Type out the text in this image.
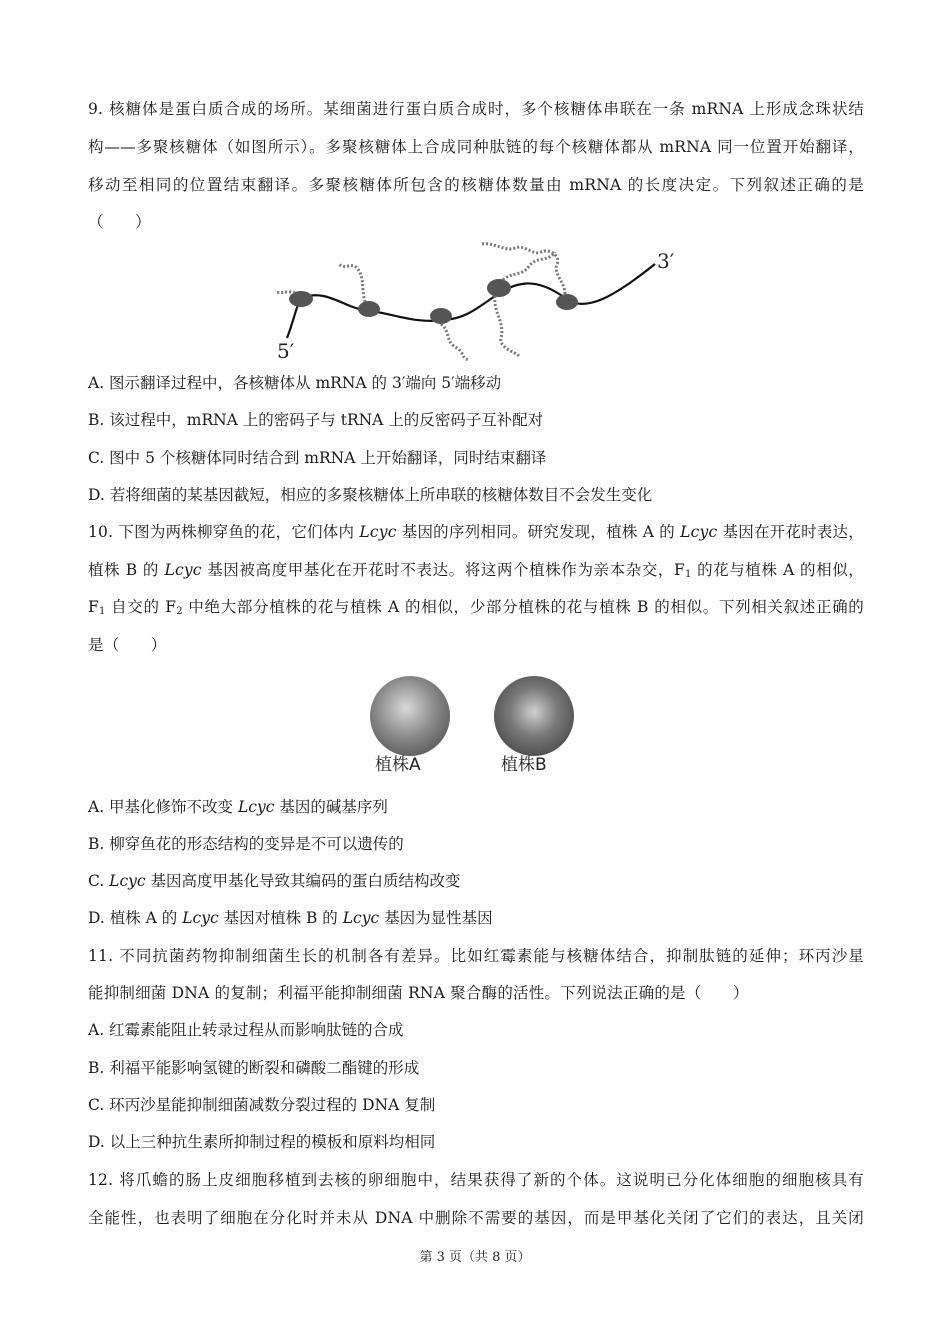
9. 核糖体是蛋白质合成的场所。某细菌进行蛋白质合成时，多个核糖体串联在一条 mRNA 上形成念珠状结
构——多聚核糖体（如图所示）。多聚核糖体上合成同种肽链的每个核糖体都从 mRNA 同一位置开始翻译，
移动至相同的位置结束翻译。多聚核糖体所包含的核糖体数量由 mRNA 的长度决定。下列叙述正确的是
（　　）
3′
5′
A. 图示翻译过程中，各核糖体从 mRNA 的 3′端向 5′端移动
B. 该过程中，mRNA 上的密码子与 tRNA 上的反密码子互补配对
C. 图中 5 个核糖体同时结合到 mRNA 上开始翻译，同时结束翻译
D. 若将细菌的某基因截短，相应的多聚核糖体上所串联的核糖体数目不会发生变化
10. 下图为两株柳穿鱼的花，它们体内 Lcyc 基因的序列相同。研究发现，植株 A 的 Lcyc 基因在开花时表达，
植株 B 的 Lcyc 基因被高度甲基化在开花时不表达。将这两个植株作为亲本杂交，$F_1$ 的花与植株 A 的相似，
$F_1$ 自交的 $F_2$ 中绝大部分植株的花与植株 A 的相似，少部分植株的花与植株 B 的相似。下列相关叙述正确的
是（　　）
植株A	植株B
A. 甲基化修饰不改变 Lcyc 基因的碱基序列
B. 柳穿鱼花的形态结构的变异是不可以遗传的
C. Lcyc 基因高度甲基化导致其编码的蛋白质结构改变
D. 植株 A 的 Lcyc 基因对植株 B 的 Lcyc 基因为显性基因
11. 不同抗菌药物抑制细菌生长的机制各有差异。比如红霉素能与核糖体结合，抑制肽链的延伸；环丙沙星
能抑制细菌 DNA 的复制；利福平能抑制细菌 RNA 聚合酶的活性。下列说法正确的是（　　）
A. 红霉素能阻止转录过程从而影响肽链的合成
B. 利福平能影响氢键的断裂和磷酸二酯键的形成
C. 环丙沙星能抑制细菌减数分裂过程的 DNA 复制
D. 以上三种抗生素所抑制过程的模板和原料均相同
12. 将爪蟾的肠上皮细胞移植到去核的卵细胞中，结果获得了新的个体。这说明已分化体细胞的细胞核具有
全能性，也表明了细胞在分化时并未从 DNA 中删除不需要的基因，而是甲基化关闭了它们的表达，且关闭
第 3 页（共 8 页）
